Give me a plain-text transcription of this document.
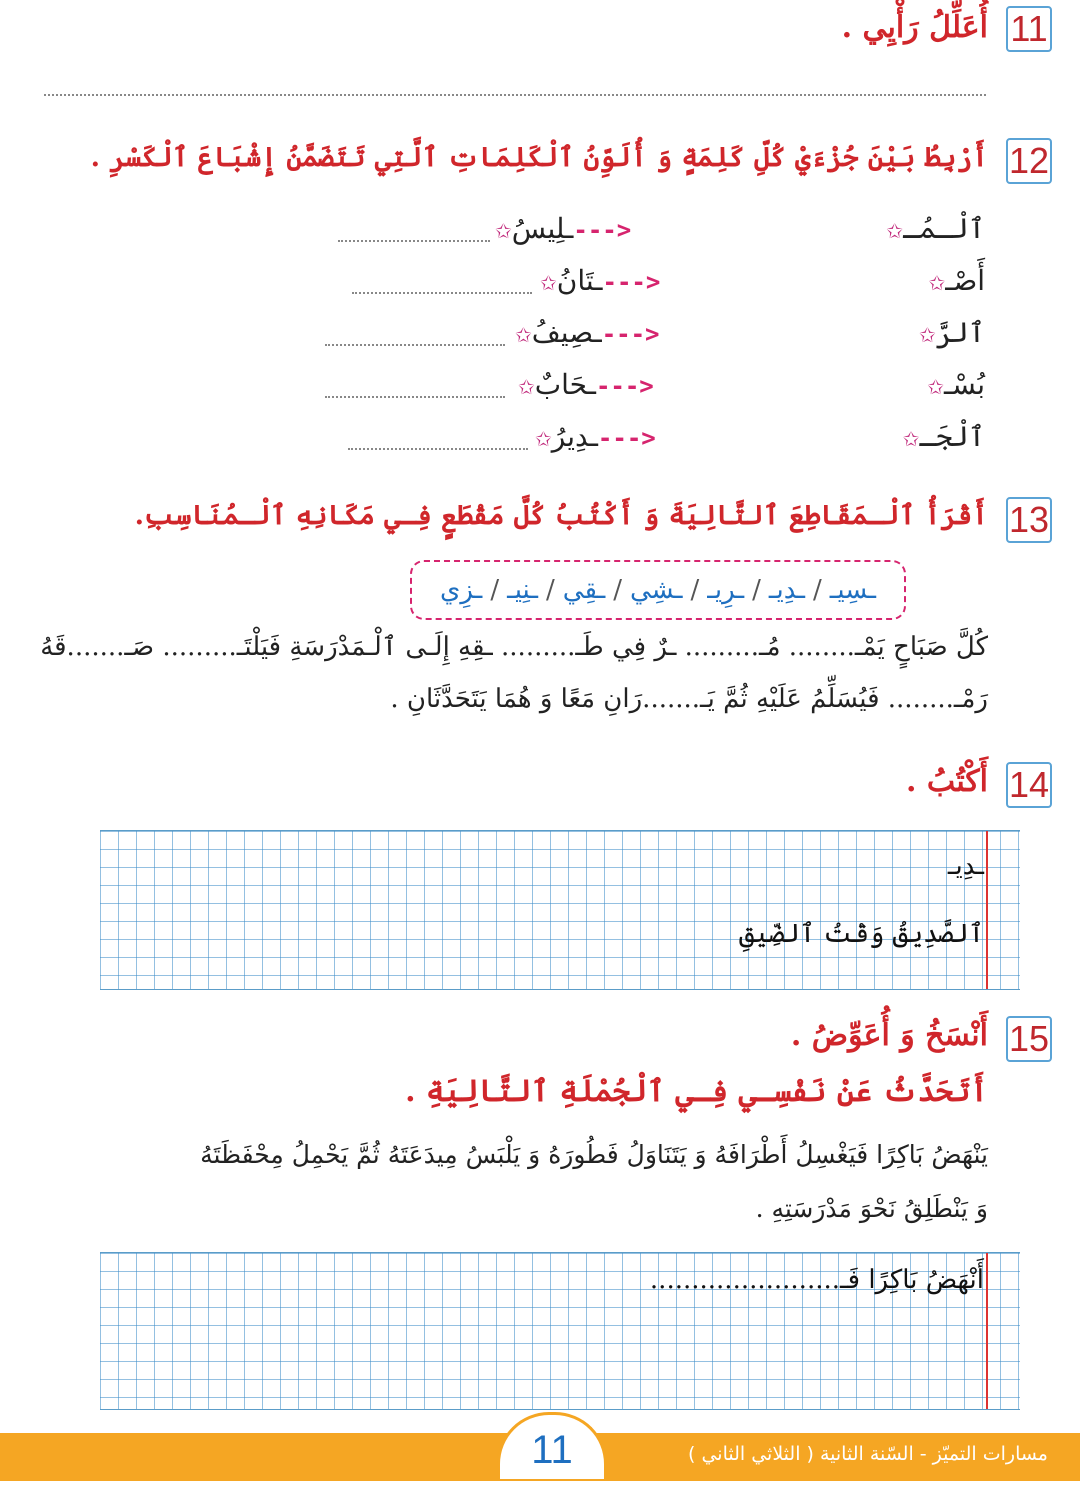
11
أُعَلِّلُ رَأْيِي .
12
أَرْبِطُ بَيْنَ جُزْءَيْ كُلِّ كَلِمَةٍ وَ أُلَوِّنُ ٱلْكَلِمَاتِ ٱلَّتِي تَتَضَمَّنُ إِشْبَاعَ ٱلْكَسْرِ .
ٱلْـمُـ✩
<---ـلِيسُ✩
أَصْـ✩
<---ـتَانُ✩
ٱلرَّ✩
<---ـصِيفُ✩
بُسْـ✩
<---ـحَابٌ✩
ٱلْجَـ✩
<---ـدِيرُ✩
13
أَقْرَأُ ٱلْـمَقَاطِعَ ٱلتَّالِيَةَ وَ أَكْتُبُ كُلَّ مَقْطَعٍ فِـي مَكَانِهِ ٱلْـمُنَاسِبِ.
ـسِيـ
/
ـدِيـ
/
ـرِيـ
/
ـشِي
/
ـقِي
/
ـنِيـ
/
ـزِي
كُلَّ صَبَاحٍ يَمْـ........ مُـ......... ـرٌ فِي طَـ......... ـقِهِ إِلَـى ٱلْـمَدْرَسَةِ فَيَلْتَـ......... صَـ.......قَهُ
رَمْـ........ فَيُسَلِّمُ عَلَيْهِ ثُمَّ يَـ.......رَانِ مَعًا وَ هُمَا يَتَحَدَّثَانِ .
14
أَكْتُبُ .
ـدِيـ
ٱلصَّدِيقُ وَقْتُ ٱلضِّيقِ
15
أَنْسَخُ وَ أُعَوِّضُ .
أَتَحَدَّثُ عَنْ نَفْسِـي فِـي ٱلْجُمْلَةِ ٱلتَّالِيَةِ .
يَنْهَضُ بَاكِرًا فَيَغْسِلُ أَطْرَافَهُ وَ يَتَنَاوَلُ فَطُورَهُ وَ يَلْبَسُ مِيدَعَتَهُ ثُمَّ يَحْمِلُ مِحْفَظَتَهُ
وَ يَنْطَلِقُ نَحْوَ مَدْرَسَتِهِ .
أَنْهَضُ بَاكِرًا فَـ.......................
مسارات التميّز - السّنة الثانية ( الثلاثي الثاني )
11
